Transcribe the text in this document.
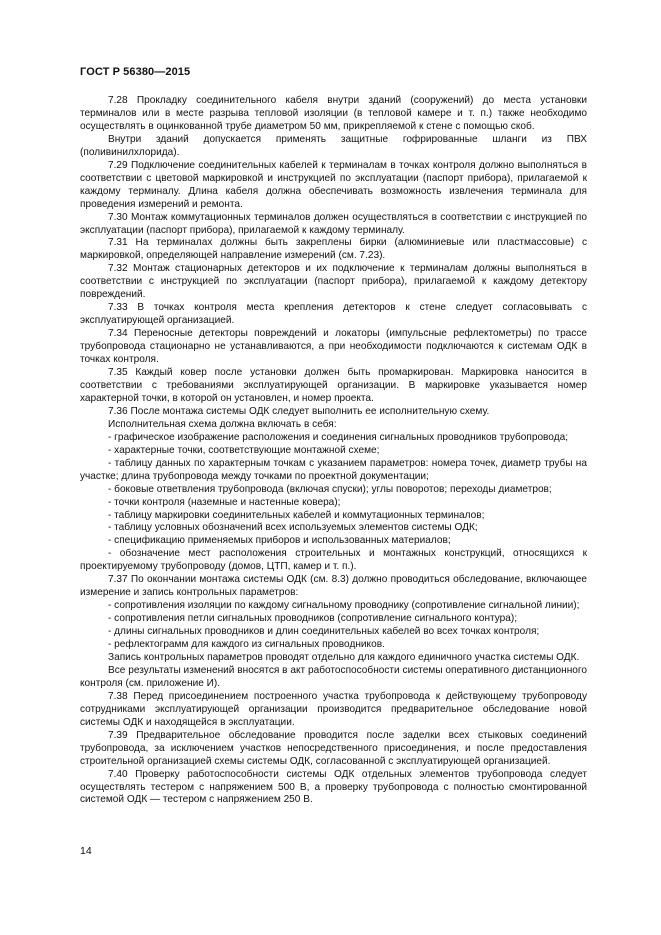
ГОСТ Р 56380—2015

7.28 Прокладку соединительного кабеля внутри зданий (сооружений) до места установки терминалов или в месте разрыва тепловой изоляции (в тепловой камере и т. п.) также необходимо осуществлять в оцинкованной трубе диаметром 50 мм, прикрепляемой к стене с помощью скоб.

Внутри зданий допускается применять защитные гофрированные шланги из ПВХ (поливинилхлорида).

7.29 Подключение соединительных кабелей к терминалам в точках контроля должно выполняться в соответствии с цветовой маркировкой и инструкцией по эксплуатации (паспорт прибора), прилагаемой к каждому терминалу. Длина кабеля должна обеспечивать возможность извлечения терминала для проведения измерений и ремонта.

7.30 Монтаж коммутационных терминалов должен осуществляться в соответствии с инструкцией по эксплуатации (паспорт прибора), прилагаемой к каждому терминалу.

7.31 На терминалах должны быть закреплены бирки (алюминиевые или пластмассовые) с маркировкой, определяющей направление измерений (см. 7.23).

7.32 Монтаж стационарных детекторов и их подключение к терминалам должны выполняться в соответствии с инструкцией по эксплуатации (паспорт прибора), прилагаемой к каждому детектору повреждений.

7.33 В точках контроля места крепления детекторов к стене следует согласовывать с эксплуатирующей организацией.

7.34 Переносные детекторы повреждений и локаторы (импульсные рефлектометры) по трассе трубопровода стационарно не устанавливаются, а при необходимости подключаются к системам ОДК в точках контроля.

7.35 Каждый ковер после установки должен быть промаркирован. Маркировка наносится в соответствии с требованиями эксплуатирующей организации. В маркировке указывается номер характерной точки, в которой он установлен, и номер проекта.

7.36 После монтажа системы ОДК следует выполнить ее исполнительную схему.

Исполнительная схема должна включать в себя:

- графическое изображение расположения и соединения сигнальных проводников трубопровода;

- характерные точки, соответствующие монтажной схеме;

- таблицу данных по характерным точкам с указанием параметров: номера точек, диаметр трубы на участке; длина трубопровода между точками по проектной документации;

- боковые ответвления трубопровода (включая спуски); углы поворотов; переходы диаметров;

- точки контроля (наземные и настенные ковера);

- таблицу маркировки соединительных кабелей и коммутационных терминалов;

- таблицу условных обозначений всех используемых элементов системы ОДК;

- спецификацию применяемых приборов и использованных материалов;

- обозначение мест расположения строительных и монтажных конструкций, относящихся к проектируемому трубопроводу (домов, ЦТП, камер и т. п.).

7.37 По окончании монтажа системы ОДК (см. 8.3) должно проводиться обследование, включающее измерение и запись контрольных параметров:

- сопротивления изоляции по каждому сигнальному проводнику (сопротивление сигнальной линии);

- сопротивления петли сигнальных проводников (сопротивление сигнального контура);

- длины сигнальных проводников и длин соединительных кабелей во всех точках контроля;

- рефлектограмм для каждого из сигнальных проводников.

Запись контрольных параметров проводят отдельно для каждого единичного участка системы ОДК.

Все результаты изменений вносятся в акт работоспособности системы оперативного дистанционного контроля (см. приложение И).

7.38 Перед присоединением построенного участка трубопровода к действующему трубопроводу сотрудниками эксплуатирующей организации производится предварительное обследование новой системы ОДК и находящейся в эксплуатации.

7.39 Предварительное обследование проводится после заделки всех стыковых соединений трубопровода, за исключением участков непосредственного присоединения, и после предоставления строительной организацией схемы системы ОДК, согласованной с эксплуатирующей организацией.

7.40 Проверку работоспособности системы ОДК отдельных элементов трубопровода следует осуществлять тестером с напряжением 500 В, а проверку трубопровода с полностью смонтированной системой ОДК — тестером с напряжением 250 В.

14
